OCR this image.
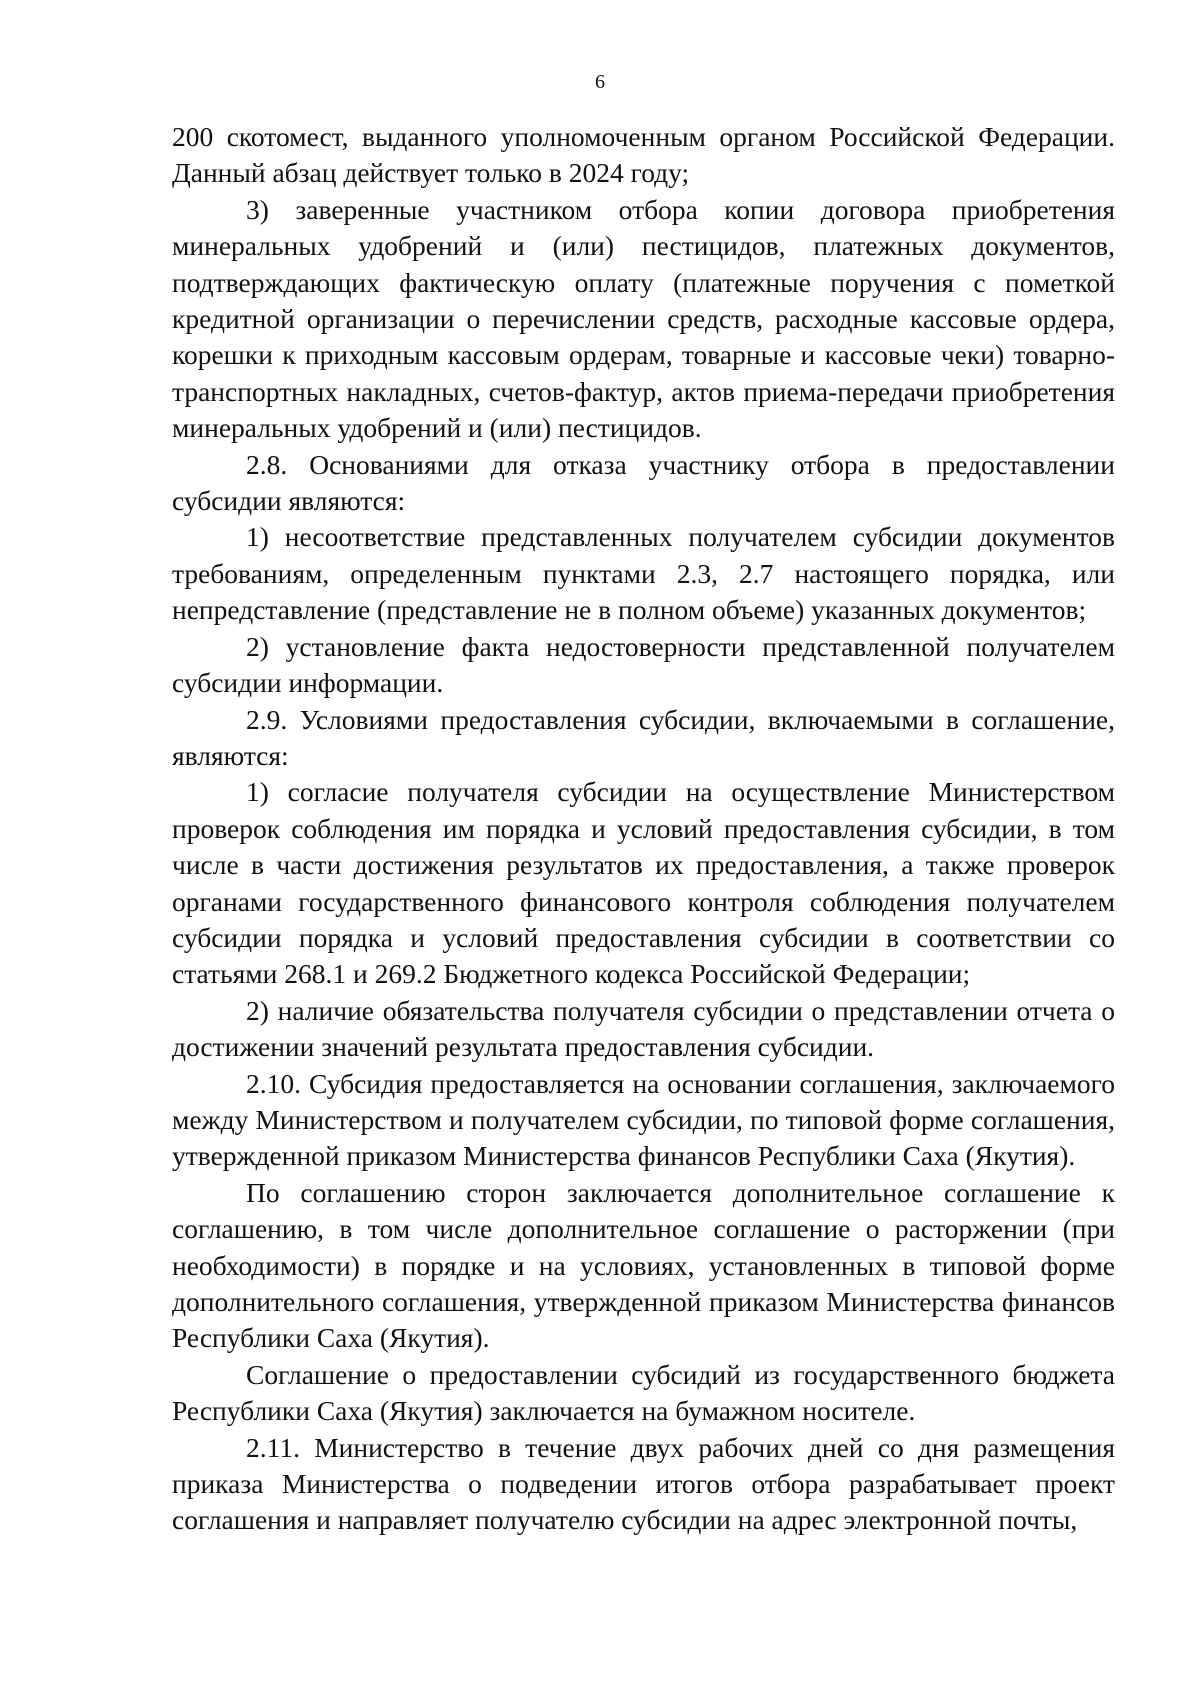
6

200 скотомест, выданного уполномоченным органом Российской Федерации. Данный абзац действует только в 2024 году;

3) заверенные участником отбора копии договора приобретения минеральных удобрений и (или) пестицидов, платежных документов, подтверждающих фактическую оплату (платежные поручения с пометкой кредитной организации о перечислении средств, расходные кассовые ордера, корешки к приходным кассовым ордерам, товарные и кассовые чеки) товарно-транспортных накладных, счетов-фактур, актов приема-передачи приобретения минеральных удобрений и (или) пестицидов.

2.8. Основаниями для отказа участнику отбора в предоставлении субсидии являются:

1) несоответствие представленных получателем субсидии документов требованиям, определенным пунктами 2.3, 2.7 настоящего порядка, или непредставление (представление не в полном объеме) указанных документов;

2) установление факта недостоверности представленной получателем субсидии информации.

2.9. Условиями предоставления субсидии, включаемыми в соглашение, являются:

1) согласие получателя субсидии на осуществление Министерством проверок соблюдения им порядка и условий предоставления субсидии, в том числе в части достижения результатов их предоставления, а также проверок органами государственного финансового контроля соблюдения получателем субсидии порядка и условий предоставления субсидии в соответствии со статьями 268.1 и 269.2 Бюджетного кодекса Российской Федерации;

2) наличие обязательства получателя субсидии о представлении отчета о достижении значений результата предоставления субсидии.

2.10. Субсидия предоставляется на основании соглашения, заключаемого между Министерством и получателем субсидии, по типовой форме соглашения, утвержденной приказом Министерства финансов Республики Саха (Якутия).

По соглашению сторон заключается дополнительное соглашение к соглашению, в том числе дополнительное соглашение о расторжении (при необходимости) в порядке и на условиях, установленных в типовой форме дополнительного соглашения, утвержденной приказом Министерства финансов Республики Саха (Якутия).

Соглашение о предоставлении субсидий из государственного бюджета Республики Саха (Якутия) заключается на бумажном носителе.

2.11. Министерство в течение двух рабочих дней со дня размещения приказа Министерства о подведении итогов отбора разрабатывает проект соглашения и направляет получателю субсидии на адрес электронной почты,
